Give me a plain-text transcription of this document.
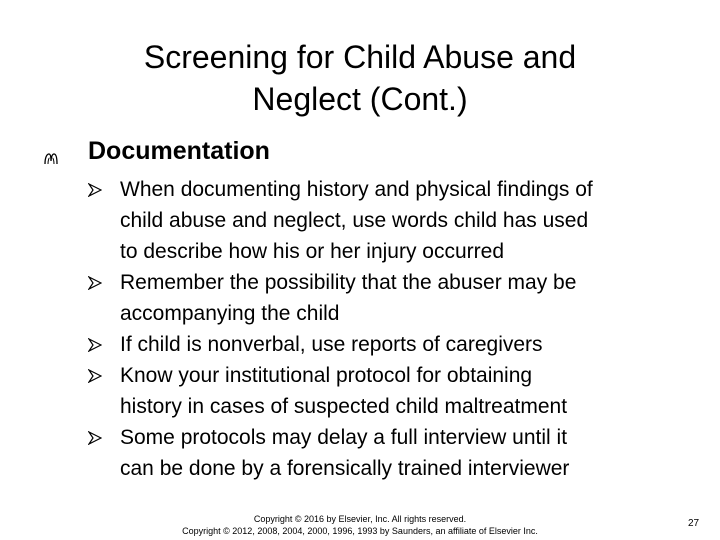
Screening for Child Abuse and
Neglect (Cont.)
Documentation
When documenting history and physical findings of
child abuse and neglect, use words child has used
to describe how his or her injury occurred
Remember the possibility that the abuser may be
accompanying the child
If child is nonverbal, use reports of caregivers
Know your institutional protocol for obtaining
history in cases of suspected child maltreatment
Some protocols may delay a full interview until it
can be done by a forensically trained interviewer
Copyright © 2016 by Elsevier, Inc. All rights reserved.
Copyright © 2012, 2008, 2004, 2000, 1996, 1993 by Saunders, an affiliate of Elsevier Inc.
27
